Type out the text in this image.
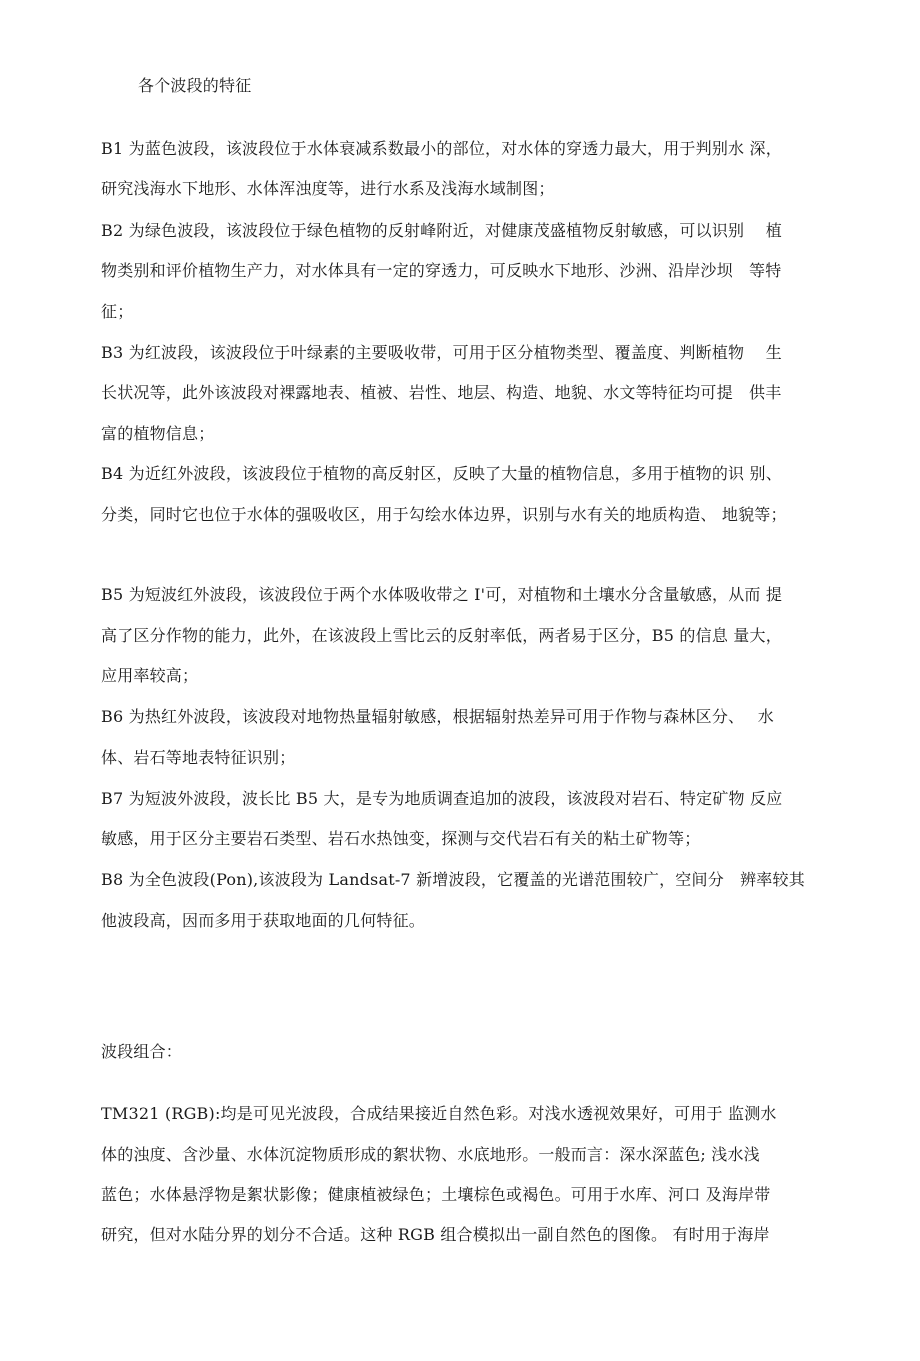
各个波段的特征
B1 为蓝色波段，该波段位于水体衰减系数最小的部位，对水体的穿透力最大，用于判别水 深，
研究浅海水下地形、水体浑浊度等，进行水系及浅海水域制图；
B2 为绿色波段，该波段位于绿色植物的反射峰附近，对健康茂盛植物反射敏感，可以识别　 植
物类别和评价植物生产力，对水体具有一定的穿透力，可反映水下地形、沙洲、沿岸沙坝　等特
征；
B3 为红波段，该波段位于叶绿素的主要吸收带，可用于区分植物类型、覆盖度、判断植物　 生
长状况等，此外该波段对裸露地表、植被、岩性、地层、构造、地貌、水文等特征均可提　供丰
富的植物信息；
B4 为近红外波段，该波段位于植物的高反射区，反映了大量的植物信息，多用于植物的识 别、
分类，同时它也位于水体的强吸收区，用于勾绘水体边界，识别与水有关的地质构造、 地貌等；
B5 为短波红外波段，该波段位于两个水体吸收带之 I'可，对植物和土壤水分含量敏感，从而 提
高了区分作物的能力，此外，在该波段上雪比云的反射率低，两者易于区分，B5 的信息 量大，
应用率较高；
B6 为热红外波段，该波段对地物热量辐射敏感，根据辐射热差异可用于作物与森林区分、　 水
体、岩石等地表特征识别；
B7 为短波外波段，波长比 B5 大，是专为地质调查追加的波段，该波段对岩石、特定矿物 反应
敏感，用于区分主要岩石类型、岩石水热蚀变，探测与交代岩石有关的粘土矿物等；
B8 为全色波段(Pon),该波段为 Landsat-7 新增波段，它覆盖的光谱范围较广，空间分　辨率较其
他波段高，因而多用于获取地面的几何特征。
波段组合：
TM321 (RGB):均是可见光波段，合成结果接近自然色彩。对浅水透视效果好，可用于 监测水
体的浊度、含沙量、水体沉淀物质形成的絮状物、水底地形。一般而言：深水深蓝色; 浅水浅
蓝色；水体悬浮物是絮状影像；健康植被绿色；土壤棕色或褐色。可用于水库、河口 及海岸带
研究，但对水陆分界的划分不合适。这种 RGB 组合模拟出一副自然色的图像。 有时用于海岸
